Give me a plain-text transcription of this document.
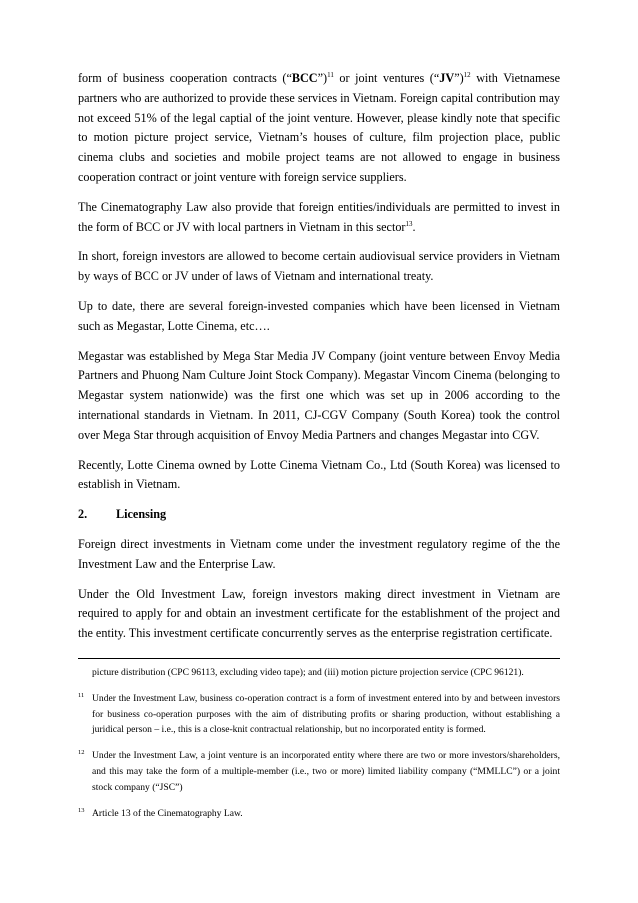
form of business cooperation contracts (“BCC”)$^{11}$ or joint ventures (“JV”)$^{12}$ with Vietnamese partners who are authorized to provide these services in Vietnam. Foreign capital contribution may not exceed 51% of the legal captial of the joint venture. However, please kindly note that specific to motion picture project service, Vietnam’s houses of culture, film projection place, public cinema clubs and societies and mobile project teams are not allowed to engage in business cooperation contract or joint venture with foreign service suppliers.

The Cinematography Law also provide that foreign entities/individuals are permitted to invest in the form of BCC or JV with local partners in Vietnam in this sector$^{13}$.

In short, foreign investors are allowed to become certain audiovisual service providers in Vietnam by ways of BCC or JV under of laws of Vietnam and international treaty.

Up to date, there are several foreign-invested companies which have been licensed in Vietnam such as Megastar, Lotte Cinema, etc….

Megastar was established by Mega Star Media JV Company (joint venture between Envoy Media Partners and Phuong Nam Culture Joint Stock Company). Megastar Vincom Cinema (belonging to Megastar system nationwide) was the first one which was set up in 2006 according to the international standards in Vietnam. In 2011, CJ-CGV Company (South Korea) took the control over Mega Star through acquisition of Envoy Media Partners and changes Megastar into CGV.

Recently, Lotte Cinema owned by Lotte Cinema Vietnam Co., Ltd (South Korea) was licensed to establish in Vietnam.

2.	Licensing

Foreign direct investments in Vietnam come under the investment regulatory regime of the the Investment Law and the Enterprise Law.

Under the Old Investment Law, foreign investors making direct investment in Vietnam are required to apply for and obtain an investment certificate for the establishment of the project and the entity. This investment certificate concurrently serves as the enterprise registration certificate.

picture distribution (CPC 96113, excluding video tape); and (iii) motion picture projection service (CPC 96121).
11 Under the Investment Law, business co-operation contract is a form of investment entered into by and between investors for business co-operation purposes with the aim of distributing profits or sharing production, without establishing a juridical person – i.e., this is a close-knit contractual relationship, but no incorporated entity is formed.
12 Under the Investment Law, a joint venture is an incorporated entity where there are two or more investors/shareholders, and this may take the form of a multiple-member (i.e., two or more) limited liability company (“MMLLC”) or a joint stock company (“JSC”)
13 Article 13 of the Cinematography Law.
